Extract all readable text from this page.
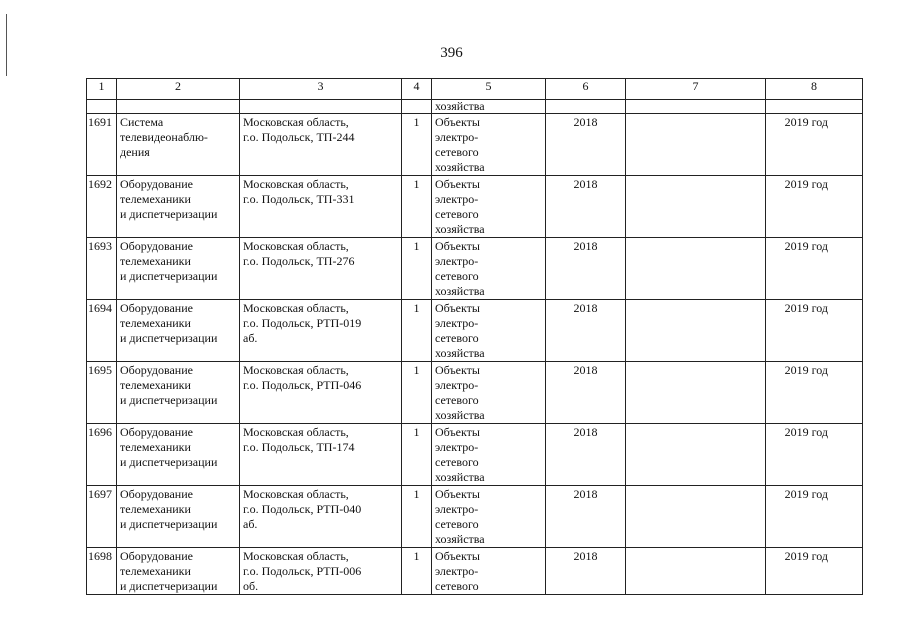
396
1	2	3	4	5	6	7	8
				хозяйства			
1691	Система
телевидеонаблю-
дения	Московская область,
г.о. Подольск, ТП-244	1	Объекты
электро-
сетевого
хозяйства	2018		2019 год
1692	Оборудование
телемеханики
и диспетчеризации	Московская область,
г.о. Подольск, ТП-331	1	Объекты
электро-
сетевого
хозяйства	2018		2019 год
1693	Оборудование
телемеханики
и диспетчеризации	Московская область,
г.о. Подольск, ТП-276	1	Объекты
электро-
сетевого
хозяйства	2018		2019 год
1694	Оборудование
телемеханики
и диспетчеризации	Московская область,
г.о. Подольск, РТП-019
аб.	1	Объекты
электро-
сетевого
хозяйства	2018		2019 год
1695	Оборудование
телемеханики
и диспетчеризации	Московская область,
г.о. Подольск, РТП-046	1	Объекты
электро-
сетевого
хозяйства	2018		2019 год
1696	Оборудование
телемеханики
и диспетчеризации	Московская область,
г.о. Подольск, ТП-174	1	Объекты
электро-
сетевого
хозяйства	2018		2019 год
1697	Оборудование
телемеханики
и диспетчеризации	Московская область,
г.о. Подольск, РТП-040
аб.	1	Объекты
электро-
сетевого
хозяйства	2018		2019 год
1698	Оборудование
телемеханики
и диспетчеризации	Московская область,
г.о. Подольск, РТП-006
об.	1	Объекты
электро-
сетевого	2018		2019 год
